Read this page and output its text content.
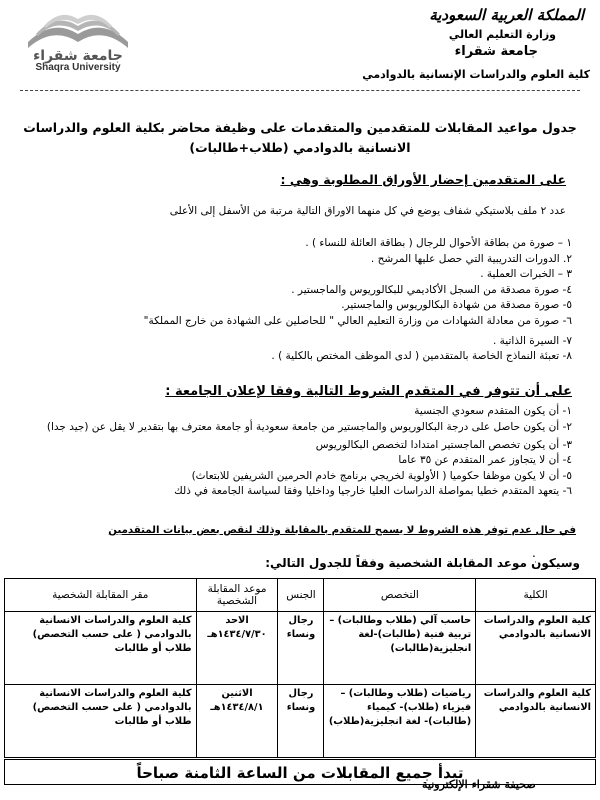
جامعة شقراء
Shaqra University
المملكة العربية السعودية
وزارة التعليم العالي
جامعة شقراء
كلية العلوم والدراسات الإنسانية بالدوادمي
جدول مواعيد المقابلات للمتقدمين والمتقدمات على وظيفة محاضر بكلية العلوم والدراسات الانسانية بالدوادمي (طلاب+طالبات)
على المتقدمين إحضار الأوراق المطلوبة وهي :
عدد ٢ ملف بلاستيكي شفاف يوضع في كل منهما الاوراق التالية مرتبة من الأسفل إلى الأعلى
١ – صورة من بطاقة الأحوال للرجال ( بطاقة العائلة للنساء ) .
٢. الدورات التدريبية التي حصل عليها المرشح .
٣ – الخبرات العملية .
٤- صورة مصدقة من السجل الأكاديمي للبكالوريوس والماجستير .
٥- صورة مصدقة من شهادة البكالوريوس والماجستير.
٦- صورة من معادلة الشهادات من وزارة التعليم العالي " للحاصلين على الشهادة من خارج المملكة"
٧- السيرة الذاتية .
٨- تعبئة النماذج الخاصة بالمتقدمين ( لدى الموظف المختص بالكلية ) .
على أن تتوفر في المتقدم الشروط التالية وفقا لإعلان الجامعة :
١- أن يكون المتقدم سعودي الجنسية
٢- أن يكون حاصل على درجة البكالوريوس والماجستير من جامعة سعودية أو جامعة معترف بها بتقدير لا يقل عن (جيد جدا)
٣- أن يكون تخصص الماجستير امتدادا لتخصص البكالوريوس
٤- أن لا يتجاوز عمر المتقدم عن ٣٥ عاما
٥- أن لا يكون موظفا حكوميا ( الأولوية لخريجي برنامج خادم الحرمين الشريفين للابتعاث)
٦- يتعهد المتقدم خطيا بمواصلة الدراسات العليا خارجيا وداخليا وفقا لسياسة الجامعة في ذلك
في حال عدم توفر هذه الشروط لا يسمح للمتقدم بالمقابلة وذلك لنقص بعض بيانات المتقدمين
.
وسيكون موعد المقابلة الشخصية وفقاً للجدول التالي:
الكلية	التخصص	الجنس	موعد المقابلة الشخصية	مقر المقابلة الشخصية
كلية العلوم والدراسات الانسانية بالدوادمي	حاسب آلي (طلاب وطالبات) – تربية فنية (طالبات)-لغة انجليزية(طالبات)	رجال ونساء	الاحد ١٤٣٤/٧/٣٠هـ	كلية العلوم والدراسات الانسانية بالدوادمي ( على حسب التخصص) طلاب أو طالبات
كلية العلوم والدراسات الانسانية بالدوادمي	رياضيات (طلاب وطالبات) – فيزياء (طلاب)- كيمياء (طالبات)- لغة انجليزية(طلاب)	رجال ونساء	الاثنين ١٤٣٤/٨/١هـ	كلية العلوم والدراسات الانسانية بالدوادمي ( على حسب التخصص) طلاب أو طالبات
تبدأ جميع المقابلات من الساعة الثامنة صباحاً
صحيفة شقراء الإلكترونية
